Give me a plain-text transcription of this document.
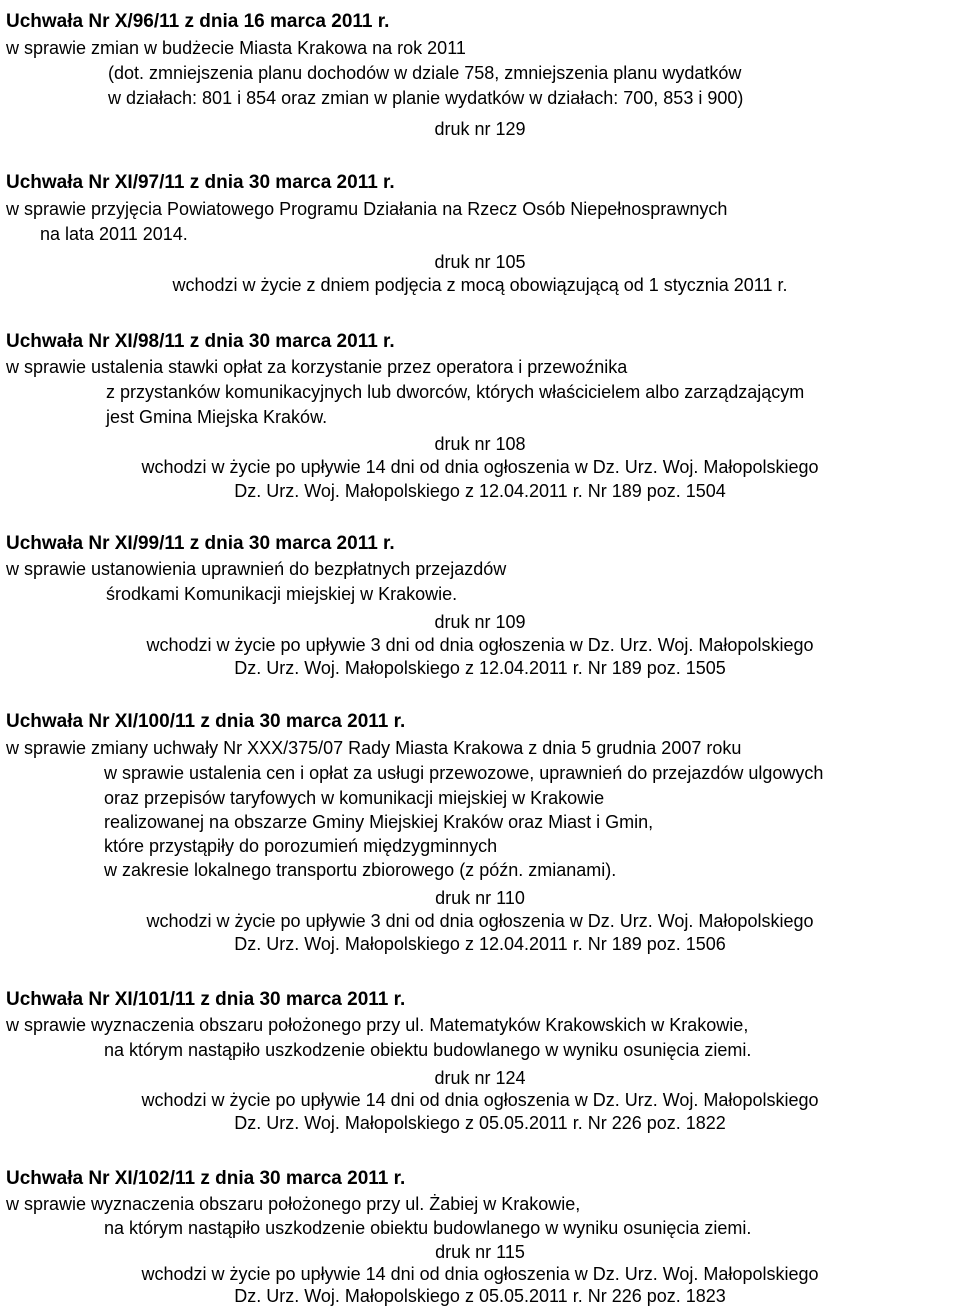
Uchwała Nr X/96/11 z dnia 16 marca 2011 r.
w sprawie zmian w budżecie Miasta Krakowa na rok 2011
(dot. zmniejszenia planu dochodów w dziale 758, zmniejszenia planu wydatków
w działach: 801 i 854 oraz zmian w planie wydatków w działach: 700, 853 i 900)
druk nr 129
Uchwała Nr XI/97/11 z dnia 30 marca 2011 r.
w sprawie przyjęcia Powiatowego Programu Działania na Rzecz Osób Niepełnosprawnych
na lata 2011 2014.
druk nr 105
wchodzi w życie z dniem podjęcia z mocą obowiązującą od 1 stycznia 2011 r.
Uchwała Nr XI/98/11 z dnia 30 marca 2011 r.
w sprawie ustalenia stawki opłat za korzystanie przez operatora i przewoźnika
z przystanków komunikacyjnych lub dworców, których właścicielem albo zarządzającym
jest Gmina Miejska Kraków.
druk nr 108
wchodzi w życie po upływie 14 dni od dnia ogłoszenia w Dz. Urz. Woj. Małopolskiego
Dz. Urz. Woj. Małopolskiego z 12.04.2011 r. Nr 189 poz. 1504
Uchwała Nr XI/99/11 z dnia 30 marca 2011 r.
w sprawie ustanowienia uprawnień do bezpłatnych przejazdów
środkami Komunikacji miejskiej w Krakowie.
druk nr 109
wchodzi w życie po upływie 3 dni od dnia ogłoszenia w Dz. Urz. Woj. Małopolskiego
Dz. Urz. Woj. Małopolskiego z 12.04.2011 r. Nr 189 poz. 1505
Uchwała Nr XI/100/11 z dnia 30 marca 2011 r.
w sprawie zmiany uchwały Nr XXX/375/07 Rady Miasta Krakowa z dnia 5 grudnia 2007 roku
w sprawie ustalenia cen i opłat za usługi przewozowe, uprawnień do przejazdów ulgowych
oraz przepisów taryfowych w komunikacji miejskiej w Krakowie
realizowanej na obszarze Gminy Miejskiej Kraków oraz Miast i Gmin,
które przystąpiły do porozumień międzygminnych
w zakresie lokalnego transportu zbiorowego (z późn. zmianami).
druk nr 110
wchodzi w życie po upływie 3 dni od dnia ogłoszenia w Dz. Urz. Woj. Małopolskiego
Dz. Urz. Woj. Małopolskiego z 12.04.2011 r. Nr 189 poz. 1506
Uchwała Nr XI/101/11 z dnia 30 marca 2011 r.
w sprawie wyznaczenia obszaru położonego przy ul. Matematyków Krakowskich w Krakowie,
na którym nastąpiło uszkodzenie obiektu budowlanego w wyniku osunięcia ziemi.
druk nr 124
wchodzi w życie po upływie 14 dni od dnia ogłoszenia w Dz. Urz. Woj. Małopolskiego
Dz. Urz. Woj. Małopolskiego z 05.05.2011 r. Nr 226 poz. 1822
Uchwała Nr XI/102/11 z dnia 30 marca 2011 r.
w sprawie wyznaczenia obszaru położonego przy ul. Żabiej w Krakowie,
na którym nastąpiło uszkodzenie obiektu budowlanego w wyniku osunięcia ziemi.
druk nr 115
wchodzi w życie po upływie 14 dni od dnia ogłoszenia w Dz. Urz. Woj. Małopolskiego
Dz. Urz. Woj. Małopolskiego z 05.05.2011 r. Nr 226 poz. 1823
